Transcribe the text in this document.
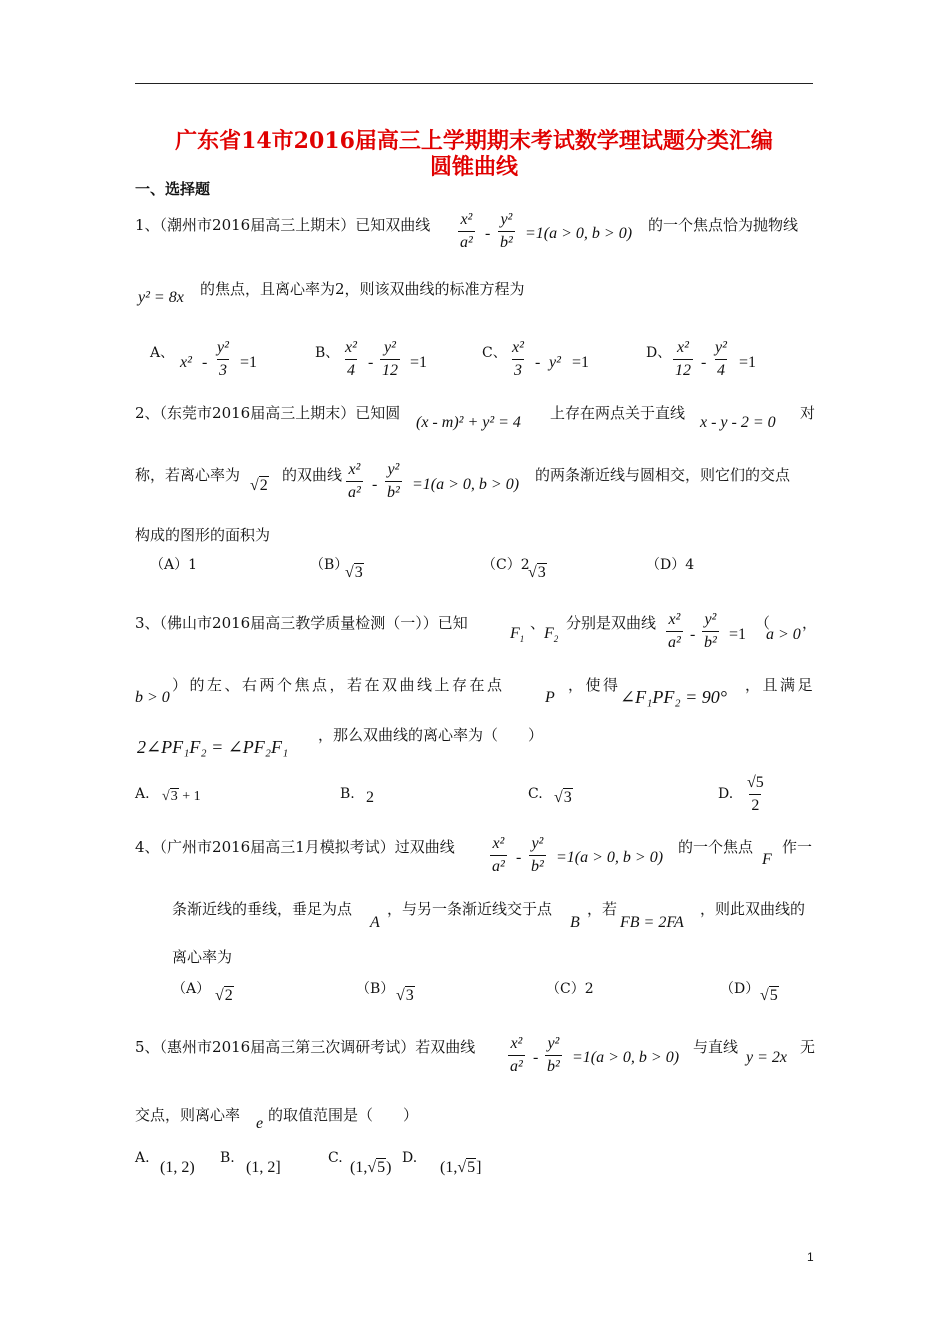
广东省14市2016届高三上学期期末考试数学理试题分类汇编
圆锥曲线
一、选择题
1、（潮州市2016届高三上期末）已知双曲线 $\frac{\text{x²}}{\text{a²}} - \frac{\text{y²}}{\text{b²}} =1(a > 0$, b > 0) 的一个焦点恰为抛物线
y² = 8x 的焦点，且离心率为2，则该双曲线的标准方程为
A、
$x^2 - \frac{\text{y²}}{3} =1$
B、 $\frac{\text{x²}}{4} - \frac{\text{y²}}{12} =1$
C、 $\frac{\text{x²}}{3} - y^2 =1$
D、 $\frac{\text{x²}}{12} - \frac{\text{y²}}{4} =1$
2、（东莞市2016届高三上期末）已知圆
(x - m)² + y² = 4
上存在两点关于直线
x - y - 2 = 0
对
称，若离心率为
√2
的双曲线 $\frac{\text{x²}}{\text{a²}} - \frac{\text{y²}}{\text{b²}} =1(a > 0$, b > 0)
的两条渐近线与圆相交，则它们的交点
构成的图形的面积为
（A）1	（B）
√3	（C）2
√3	（D）4
3、（佛山市2016届高三教学质量检测（一））已知
$F_1$
、
$F_2$
分别是双曲线 $\frac{\text{x²}}{\text{a²}} - \frac{\text{y²}}{\text{b²}} =1$
（
a > 0
，
b > 0
）的左、右两个焦点，若在双曲线上存在点
P
，使得
∠F₁PF₂ = 90°
，且满足
2∠PF₁F₂ = ∠PF₂F₁
，那么双曲线的离心率为（　　）
A. √3 + 1	B. 2	C. √3	D. $\frac{√5}{2}$
4、（广州市2016届高三1月模拟考试）过双曲线 $\frac{\text{x²}}{\text{a²}} - \frac{\text{y²}}{\text{b²}} =1(a > 0$, b > 0)
的一个焦点
F
作一
条渐近线的垂线，垂足为点
A
，与另一条渐近线交于点
B
，若
FB = 2FA
，则此双曲线的
离心率为
（A） √2	（B） √3	（C）2	（D） √5
5、（惠州市2016届高三第三次调研考试）若双曲线 $\frac{\text{x²}}{\text{a²}} - \frac{\text{y²}}{\text{b²}} =1(a > 0$, b > 0)
与直线
y = 2x
无
交点，则离心率 e 的取值范围是（　　）
A.
(1, 2)
B.
(1, 2]
C.
(1,√5)
D.
(1,√5]
1
